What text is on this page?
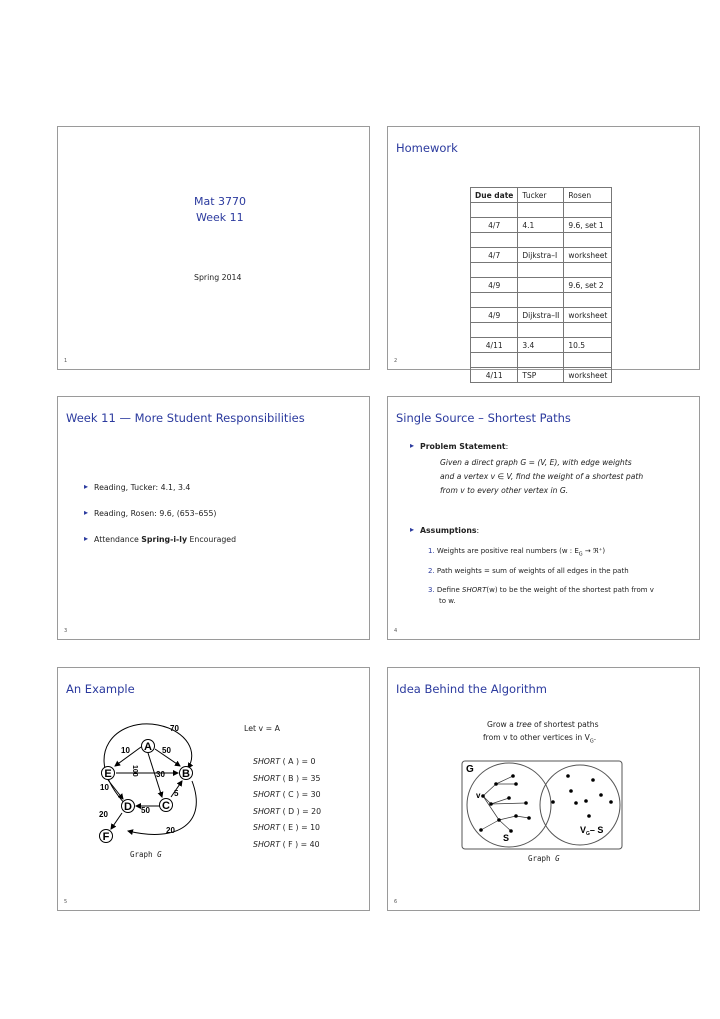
Mat 3770
Week 11
Spring 2014
1
Homework
Due date	Tucker	Rosen

4/7	4.1	9.6, set 1

4/7	Dijkstra–I	worksheet

4/9		9.6, set 2

4/9	Dijkstra–II	worksheet

4/11	3.4	10.5

4/11	TSP	worksheet
2
Week 11 — More Student Responsibilities
▸ Reading, Tucker: 4.1, 3.4
▸ Reading, Rosen: 9.6, (653–655)
▸ Attendance Spring-i-ly Encouraged
3
Single Source – Shortest Paths
▸ Problem Statement:
Given a direct graph G = (V, E), with edge weights
and a vertex v ∈ V, find the weight of a shortest path
from v to every other vertex in G.
▸ Assumptions:
1. Weights are positive real numbers (w : $E_G$ → ℜ⁺)
2. Path weights = sum of weights of all edges in the path
3. Define SHORT(w) to be the weight of the shortest path from v
to w.
4
An Example
70
10	50
100 30
10
5
50
20
20
A
B
C
D
E
F
Graph G
Let v = A
SHORT ( A ) = 0
SHORT ( B ) = 35
SHORT ( C ) = 30
SHORT ( D ) = 20
SHORT ( E ) = 10
SHORT ( F ) = 40
5
Idea Behind the Algorithm
Grow a tree of shortest paths
from v to other vertices in $V_G$.
G
v
S
$V_G-$ S
Graph G
6
